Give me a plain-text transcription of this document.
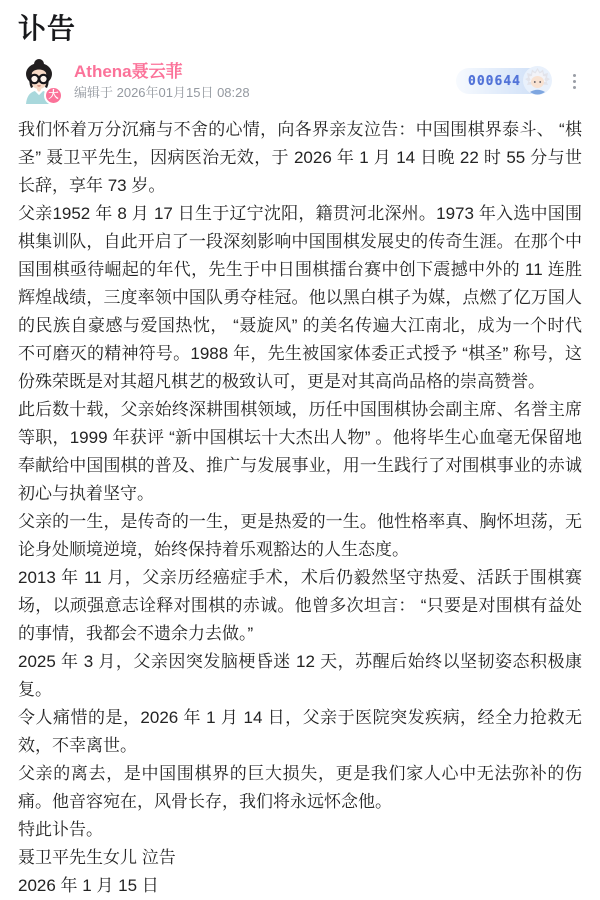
讣告
大
Athena聂云菲
编辑于 2026年01月15日 08:28
000644

我们怀着万分沉痛与不舍的心情，向各界亲友泣告：中国围棋界泰斗、 “棋圣” 聂卫平先生，因病医治无效，于 2026 年 1 月 14 日晚 22 时 55 分与世长辞，享年 73 岁。

父亲1952 年 8 月 17 日生于辽宁沈阳，籍贯河北深州。1973 年入选中国围棋集训队，自此开启了一段深刻影响中国围棋发展史的传奇生涯。在那个中国围棋亟待崛起的年代，先生于中日围棋擂台赛中创下震撼中外的 11 连胜辉煌战绩，三度率领中国队勇夺桂冠。他以黑白棋子为媒，点燃了亿万国人的民族自豪感与爱国热忱， “聂旋风” 的美名传遍大江南北，成为一个时代不可磨灭的精神符号。1988 年，先生被国家体委正式授予 “棋圣” 称号，这份殊荣既是对其超凡棋艺的极致认可，更是对其高尚品格的崇高赞誉。

此后数十载，父亲始终深耕围棋领域，历任中国围棋协会副主席、名誉主席等职，1999 年获评 “新中国棋坛十大杰出人物” 。他将毕生心血毫无保留地奉献给中国围棋的普及、推广与发展事业，用一生践行了对围棋事业的赤诚初心与执着坚守。

父亲的一生，是传奇的一生，更是热爱的一生。他性格率真、胸怀坦荡，无论身处顺境逆境，始终保持着乐观豁达的人生态度。

2013 年 11 月，父亲历经癌症手术，术后仍毅然坚守热爱、活跃于围棋赛场，以顽强意志诠释对围棋的赤诚。他曾多次坦言： “只要是对围棋有益处的事情，我都会不遗余力去做。”

2025 年 3 月，父亲因突发脑梗昏迷 12 天，苏醒后始终以坚韧姿态积极康复。

令人痛惜的是，2026 年 1 月 14 日，父亲于医院突发疾病，经全力抢救无效，不幸离世。

父亲的离去，是中国围棋界的巨大损失，更是我们家人心中无法弥补的伤痛。他音容宛在，风骨长存，我们将永远怀念他。

特此讣告。

聂卫平先生女儿 泣告

2026 年 1 月 15 日
